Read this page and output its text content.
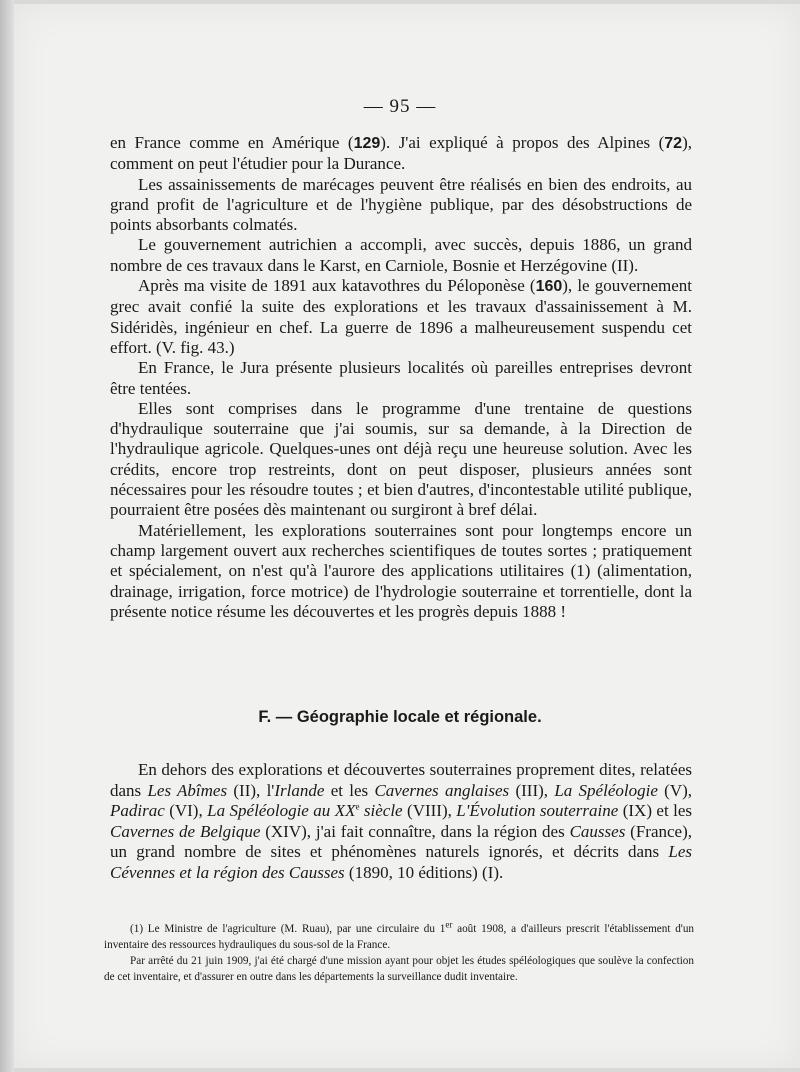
— 95 —

en France comme en Amérique (129). J'ai expliqué à propos des Alpines (72), comment on peut l'étudier pour la Durance.

Les assainissements de marécages peuvent être réalisés en bien des endroits, au grand profit de l'agriculture et de l'hygiène publique, par des désobstructions de points absorbants colmatés.

Le gouvernement autrichien a accompli, avec succès, depuis 1886, un grand nombre de ces travaux dans le Karst, en Carniole, Bosnie et Herzégovine (II).

Après ma visite de 1891 aux katavothres du Péloponèse (160), le gouvernement grec avait confié la suite des explorations et les travaux d'assainissement à M. Sidéridès, ingénieur en chef. La guerre de 1896 a malheureusement suspendu cet effort. (V. fig. 43.)

En France, le Jura présente plusieurs localités où pareilles entreprises devront être tentées.

Elles sont comprises dans le programme d'une trentaine de questions d'hydraulique souterraine que j'ai soumis, sur sa demande, à la Direction de l'hydraulique agricole. Quelques-unes ont déjà reçu une heureuse solution. Avec les crédits, encore trop restreints, dont on peut disposer, plusieurs années sont nécessaires pour les résoudre toutes ; et bien d'autres, d'incontestable utilité publique, pourraient être posées dès maintenant ou surgiront à bref délai.

Matériellement, les explorations souterraines sont pour longtemps encore un champ largement ouvert aux recherches scientifiques de toutes sortes ; pratiquement et spécialement, on n'est qu'à l'aurore des applications utilitaires (1) (alimentation, drainage, irrigation, force motrice) de l'hydrologie souterraine et torrentielle, dont la présente notice résume les découvertes et les progrès depuis 1888 !

F. — Géographie locale et régionale.

En dehors des explorations et découvertes souterraines proprement dites, relatées dans Les Abîmes (II), l'Irlande et les Cavernes anglaises (III), La Spéléologie (V), Padirac (VI), La Spéléologie au XXe siècle (VIII), L'Évolution souterraine (IX) et les Cavernes de Belgique (XIV), j'ai fait connaître, dans la région des Causses (France), un grand nombre de sites et phénomènes naturels ignorés, et décrits dans Les Cévennes et la région des Causses (1890, 10 éditions) (I).

(1) Le Ministre de l'agriculture (M. Ruau), par une circulaire du 1er août 1908, a d'ailleurs prescrit l'établissement d'un inventaire des ressources hydrauliques du sous-sol de la France.

Par arrêté du 21 juin 1909, j'ai été chargé d'une mission ayant pour objet les études spéléologiques que soulève la confection de cet inventaire, et d'assurer en outre dans les départements la surveillance dudit inventaire.
